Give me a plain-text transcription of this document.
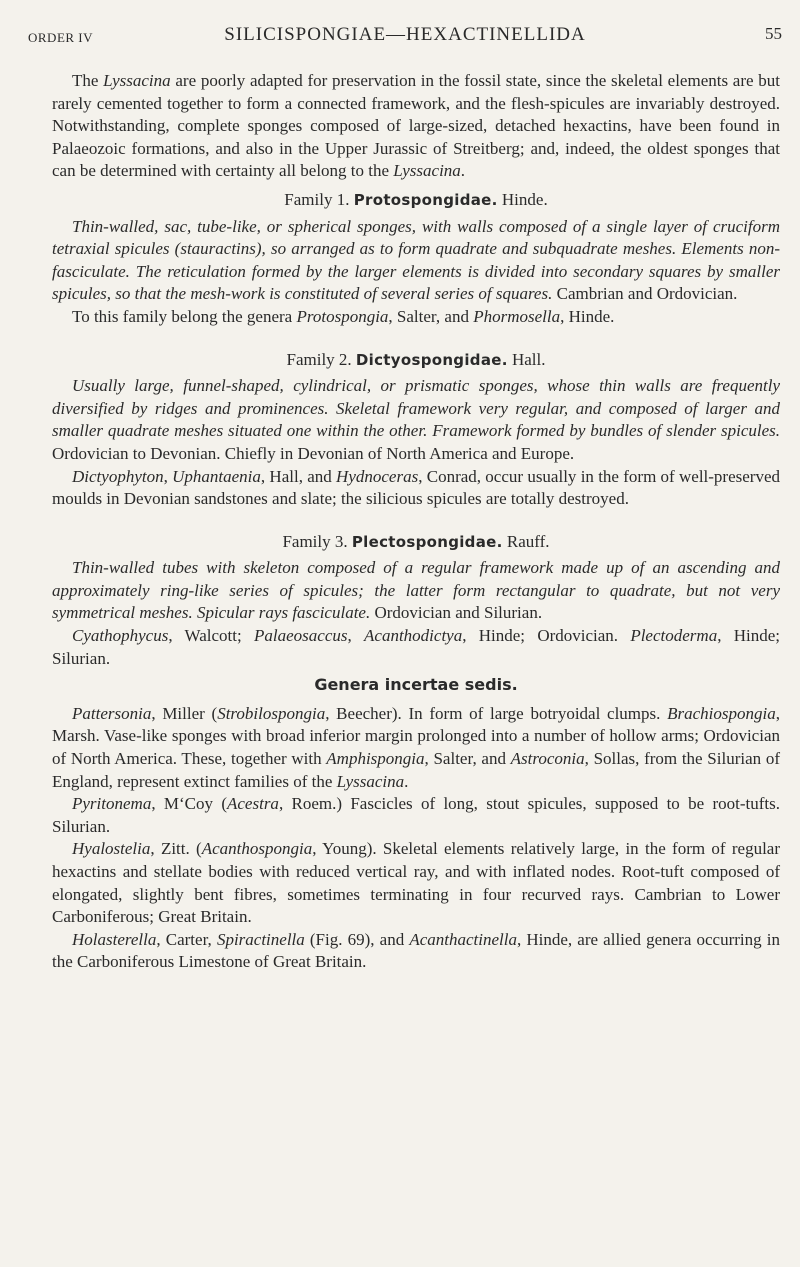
ORDER IV	SILICISPONGIAE—HEXACTINELLIDA	55

The Lyssacina are poorly adapted for preservation in the fossil state, since the skeletal elements are but rarely cemented together to form a connected framework, and the flesh-spicules are invariably destroyed. Notwithstanding, complete sponges composed of large-sized, detached hexactins, have been found in Palaeozoic formations, and also in the Upper Jurassic of Streitberg; and, indeed, the oldest sponges that can be determined with certainty all belong to the Lyssacina.

Family 1. Protospongidae. Hinde.

Thin-walled, sac, tube-like, or spherical sponges, with walls composed of a single layer of cruciform tetraxial spicules (stauractins), so arranged as to form quadrate and subquadrate meshes. Elements non-fasciculate. The reticulation formed by the larger elements is divided into secondary squares by smaller spicules, so that the mesh-work is constituted of several series of squares. Cambrian and Ordovician.

To this family belong the genera Protospongia, Salter, and Phormosella, Hinde.

Family 2. Dictyospongidae. Hall.

Usually large, funnel-shaped, cylindrical, or prismatic sponges, whose thin walls are frequently diversified by ridges and prominences. Skeletal framework very regular, and composed of larger and smaller quadrate meshes situated one within the other. Framework formed by bundles of slender spicules. Ordovician to Devonian. Chiefly in Devonian of North America and Europe.

Dictyophyton, Uphantaenia, Hall, and Hydnoceras, Conrad, occur usually in the form of well-preserved moulds in Devonian sandstones and slate; the silicious spicules are totally destroyed.

Family 3. Plectospongidae. Rauff.

Thin-walled tubes with skeleton composed of a regular framework made up of an ascending and approximately ring-like series of spicules; the latter form rectangular to quadrate, but not very symmetrical meshes. Spicular rays fasciculate. Ordovician and Silurian.

Cyathophycus, Walcott; Palaeosaccus, Acanthodictya, Hinde; Ordovician. Plectoderma, Hinde; Silurian.

Genera incertae sedis.

Pattersonia, Miller (Strobilospongia, Beecher). In form of large botryoidal clumps. Brachiospongia, Marsh. Vase-like sponges with broad inferior margin prolonged into a number of hollow arms; Ordovician of North America. These, together with Amphispongia, Salter, and Astroconia, Sollas, from the Silurian of England, represent extinct families of the Lyssacina.

Pyritonema, M‘Coy (Acestra, Roem.) Fascicles of long, stout spicules, supposed to be root-tufts. Silurian.

Hyalostelia, Zitt. (Acanthospongia, Young). Skeletal elements relatively large, in the form of regular hexactins and stellate bodies with reduced vertical ray, and with inflated nodes. Root-tuft composed of elongated, slightly bent fibres, sometimes terminating in four recurved rays. Cambrian to Lower Carboniferous; Great Britain.

Holasterella, Carter, Spiractinella (Fig. 69), and Acanthactinella, Hinde, are allied genera occurring in the Carboniferous Limestone of Great Britain.
